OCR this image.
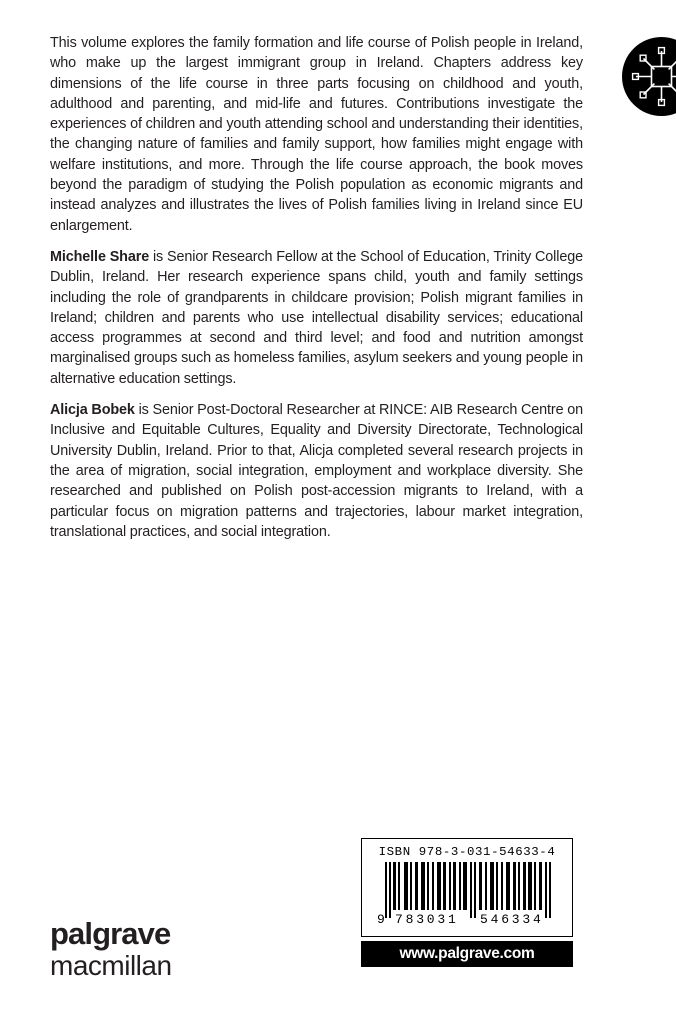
This volume explores the family formation and life course of Polish people in Ireland, who make up the largest immigrant group in Ireland. Chapters address key dimensions of the life course in three parts focusing on childhood and youth, adulthood and parenting, and mid-life and futures. Contributions investigate the experiences of children and youth attending school and understanding their identities, the changing nature of families and family support, how families might engage with welfare institutions, and more. Through the life course approach, the book moves beyond the paradigm of studying the Polish population as economic migrants and instead analyzes and illustrates the lives of Polish families living in Ireland since EU enlargement.

Michelle Share is Senior Research Fellow at the School of Education, Trinity College Dublin, Ireland. Her research experience spans child, youth and family settings including the role of grandparents in childcare provision; Polish migrant families in Ireland; children and parents who use intellectual disability services; educational access programmes at second and third level; and food and nutrition amongst marginalised groups such as homeless families, asylum seekers and young people in alternative education settings.

Alicja Bobek is Senior Post-Doctoral Researcher at RINCE: AIB Research Centre on Inclusive and Equitable Cultures, Equality and Diversity Directorate, Technological University Dublin, Ireland. Prior to that, Alicja completed several research projects in the area of migration, social integration, employment and workplace diversity. She researched and published on Polish post-accession migrants to Ireland, with a particular focus on migration patterns and trajectories, labour market integration, translational practices, and social integration.

palgrave
macmillan
ISBN 978-3-031-54633-4
9 783031 546334
www.palgrave.com
